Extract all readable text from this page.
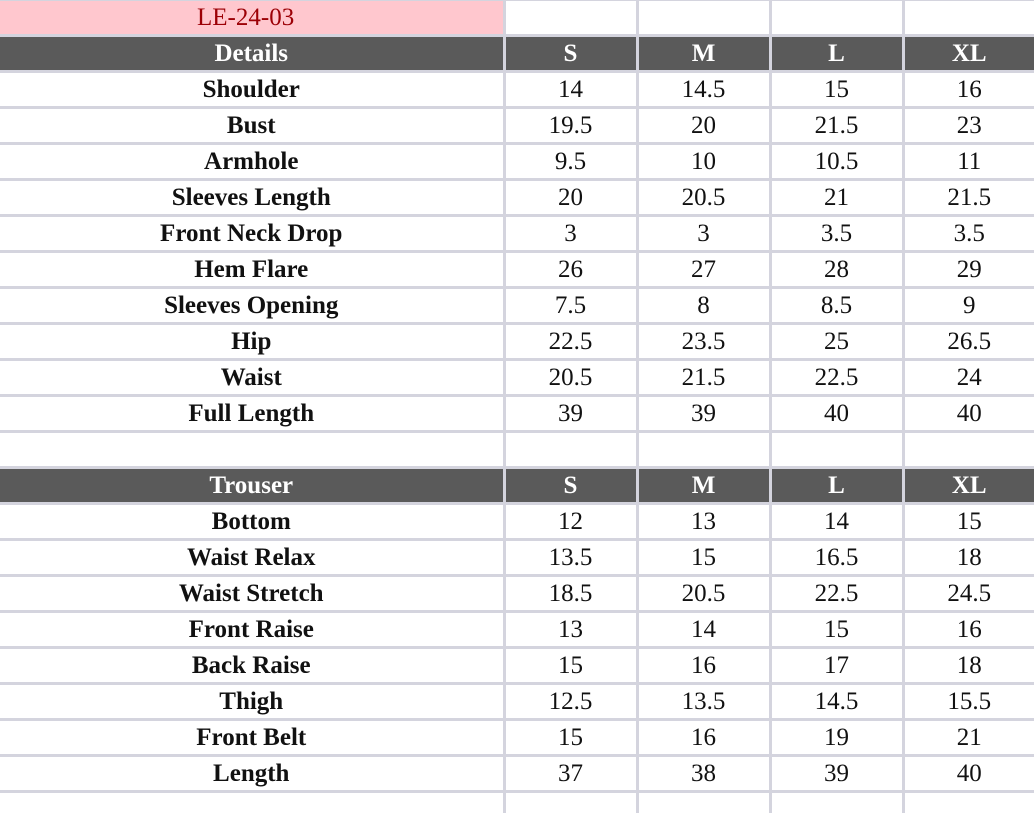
LE-24-03				
Details	S	M	L	XL
Shoulder	14	14.5	15	16
Bust	19.5	20	21.5	23
Armhole	9.5	10	10.5	11
Sleeves Length	20	20.5	21	21.5
Front Neck Drop	3	3	3.5	3.5
Hem Flare	26	27	28	29
Sleeves Opening	7.5	8	8.5	9
Hip	22.5	23.5	25	26.5
Waist	20.5	21.5	22.5	24
Full Length	39	39	40	40

Trouser	S	M	L	XL
Bottom	12	13	14	15
Waist Relax	13.5	15	16.5	18
Waist Stretch	18.5	20.5	22.5	24.5
Front Raise	13	14	15	16
Back Raise	15	16	17	18
Thigh	12.5	13.5	14.5	15.5
Front Belt	15	16	19	21
Length	37	38	39	40
